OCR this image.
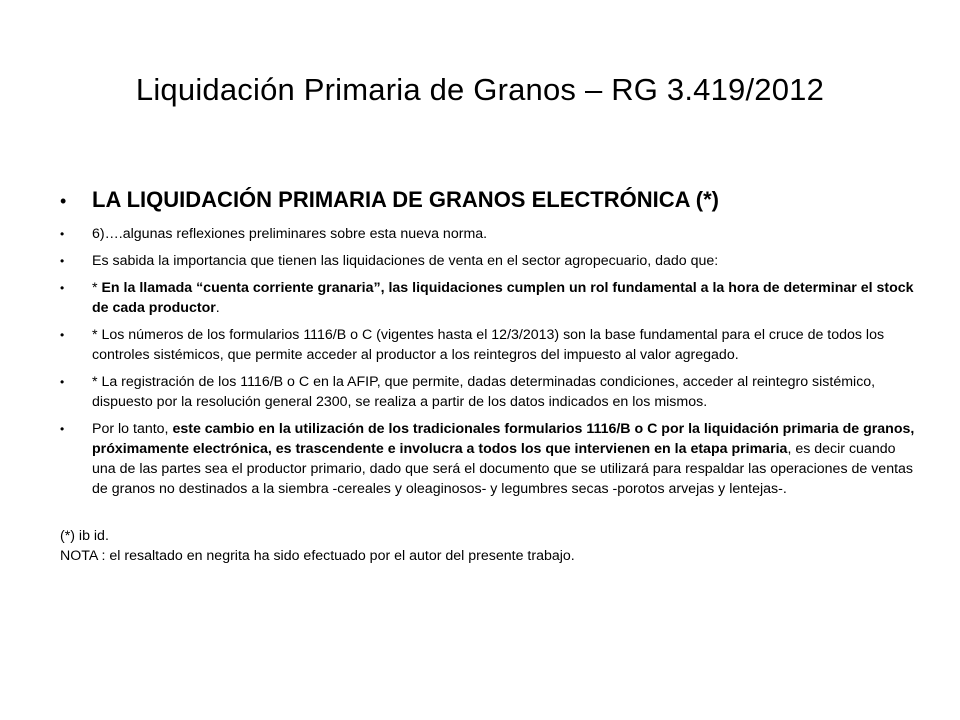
Liquidación Primaria de Granos – RG 3.419/2012

• LA LIQUIDACIÓN PRIMARIA DE GRANOS ELECTRÓNICA (*)

• 6)….algunas reflexiones preliminares sobre esta nueva norma.

• Es sabida la importancia que tienen las liquidaciones de venta en el sector agropecuario, dado que:

• * En la llamada “cuenta corriente granaria”, las liquidaciones cumplen un rol fundamental a la hora de determinar el stock de cada productor.

• * Los números de los formularios 1116/B o C (vigentes hasta el 12/3/2013) son la base fundamental para el cruce de todos los controles sistémicos, que permite acceder al productor a los reintegros del impuesto al valor agregado.

• * La registración de los 1116/B o C en la AFIP, que permite, dadas determinadas condiciones, acceder al reintegro sistémico, dispuesto por la resolución general 2300, se realiza a partir de los datos indicados en los mismos.

• Por lo tanto, este cambio en la utilización de los tradicionales formularios 1116/B o C por la liquidación primaria de granos, próximamente electrónica, es trascendente e involucra a todos los que intervienen en la etapa primaria, es decir cuando una de las partes sea el productor primario, dado que será el documento que se utilizará para respaldar las operaciones de ventas de granos no destinados a la siembra -cereales y oleaginosos- y legumbres secas -porotos arvejas y lentejas-.

(*) ib id.

NOTA : el resaltado en negrita ha sido efectuado por el autor del presente trabajo.
